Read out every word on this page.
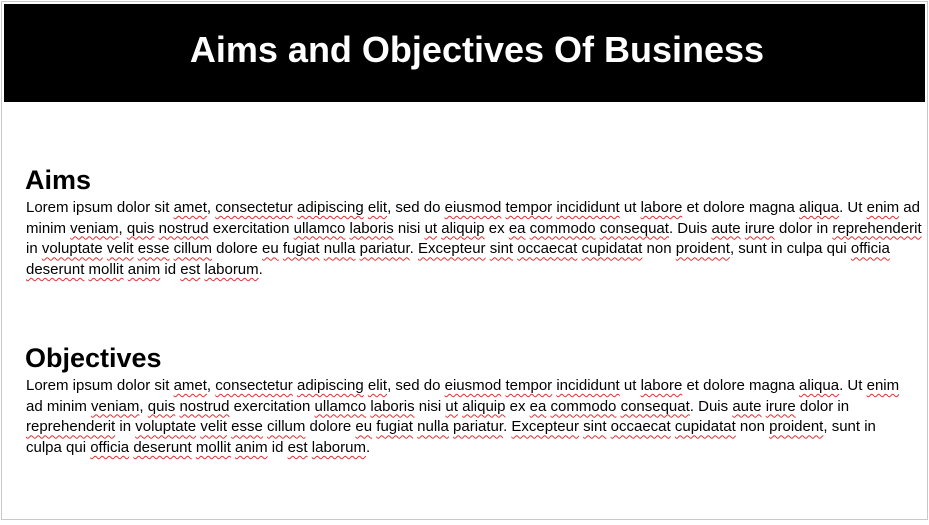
Aims and Objectives Of Business
Aims

Lorem ipsum dolor sit amet, consectetur adipiscing elit, sed do eiusmod tempor incididunt ut labore et dolore magna aliqua. Ut enim ad minim veniam, quis nostrud exercitation ullamco laboris nisi ut aliquip ex ea commodo consequat. Duis aute irure dolor in reprehenderit in voluptate velit esse cillum dolore eu fugiat nulla pariatur. Excepteur sint occaecat cupidatat non proident, sunt in culpa qui officia deserunt mollit anim id est laborum.

Objectives

Lorem ipsum dolor sit amet, consectetur adipiscing elit, sed do eiusmod tempor incididunt ut labore et dolore magna aliqua. Ut enim ad minim veniam, quis nostrud exercitation ullamco laboris nisi ut aliquip ex ea commodo consequat. Duis aute irure dolor in reprehenderit in voluptate velit esse cillum dolore eu fugiat nulla pariatur. Excepteur sint occaecat cupidatat non proident, sunt in culpa qui officia deserunt mollit anim id est laborum.
